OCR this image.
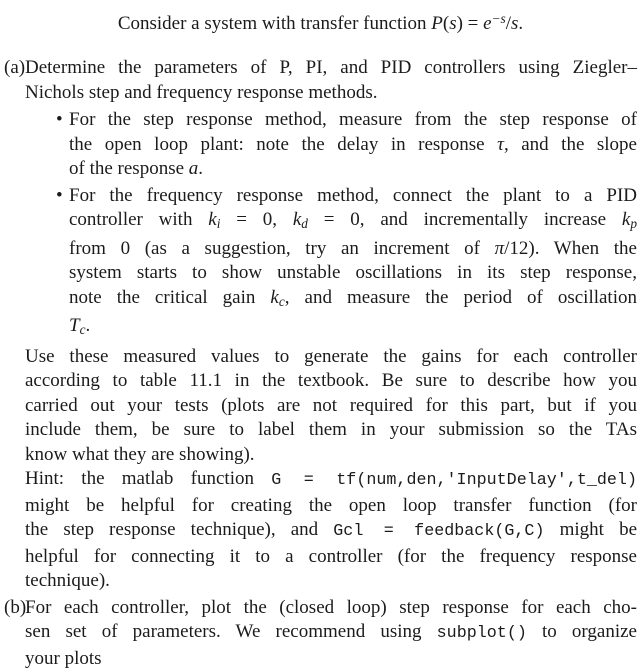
Consider a system with transfer function $P(s) = e^{-s}/s$.
(a) Determine the parameters of P, PI, and PID controllers using Ziegler–
Nichols step and frequency response methods.
• For the step response method, measure from the step response of
the open loop plant: note the delay in response τ, and the slope
of the response a.
• For the frequency response method, connect the plant to a PID
controller with ki = 0, kd = 0, and incrementally increase kp
from 0 (as a suggestion, try an increment of π/12). When the
system starts to show unstable oscillations in its step response,
note the critical gain kc, and measure the period of oscillation
Tc.
Use these measured values to generate the gains for each controller
according to table 11.1 in the textbook. Be sure to describe how you
carried out your tests (plots are not required for this part, but if you
include them, be sure to label them in your submission so the TAs
know what they are showing).
Hint: the matlab function G = tf(num,den,'InputDelay',t_del)
might be helpful for creating the open loop transfer function (for
the step response technique), and Gcl = feedback(G,C) might be
helpful for connecting it to a controller (for the frequency response
technique).
(b)
For each controller, plot the (closed loop) step response for each cho-
sen set of parameters. We recommend using subplot() to organize
your plots
